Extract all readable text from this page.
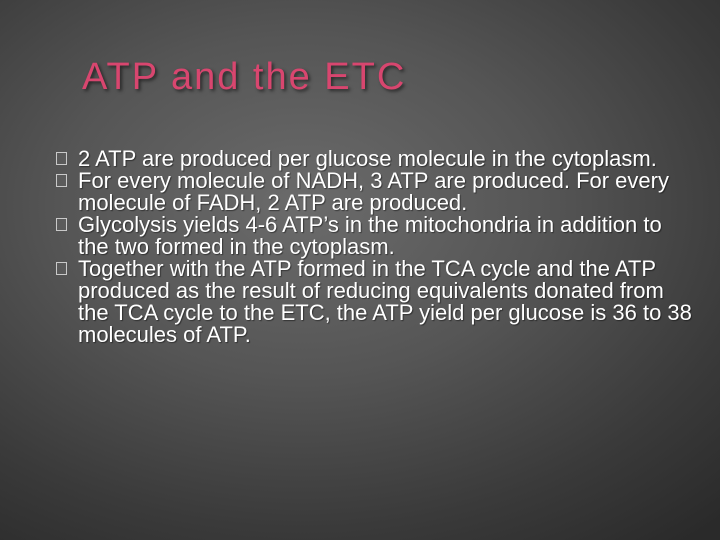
ATP and the ETC
2 ATP are produced per glucose molecule in the cytoplasm.
For every molecule of NADH, 3 ATP are produced. For every molecule of FADH, 2 ATP are produced.
Glycolysis yields 4-6 ATP’s in the mitochondria in addition to the two formed in the cytoplasm.
Together with the ATP formed in the TCA cycle and the ATP produced as the result of reducing equivalents donated from the TCA cycle to the ETC, the ATP yield per glucose is 36 to 38 molecules of ATP.
